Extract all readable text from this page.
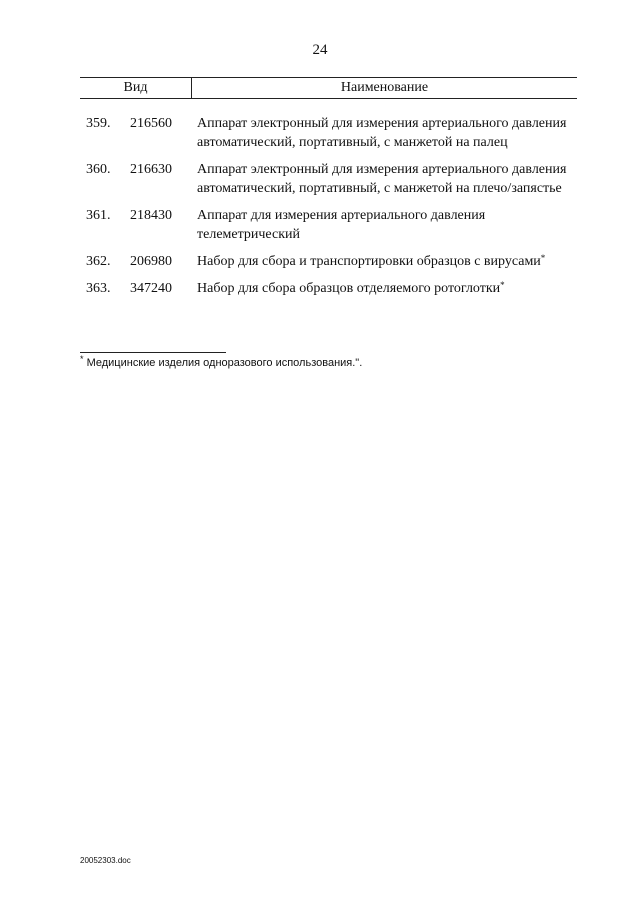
24
Вид	Наименование
359.	216560	Аппарат электронный для измерения артериального давления автоматический, портативный, с манжетой на палец
360.	216630	Аппарат электронный для измерения артериального давления автоматический, портативный, с манжетой на плечо/запястье
361.	218430	Аппарат для измерения артериального давления телеметрический
362.	206980	Набор для сбора и транспортировки образцов с вирусами*
363.	347240	Набор для сбора образцов отделяемого ротоглотки*
* Медицинские изделия одноразового использования.".
20052303.doc
